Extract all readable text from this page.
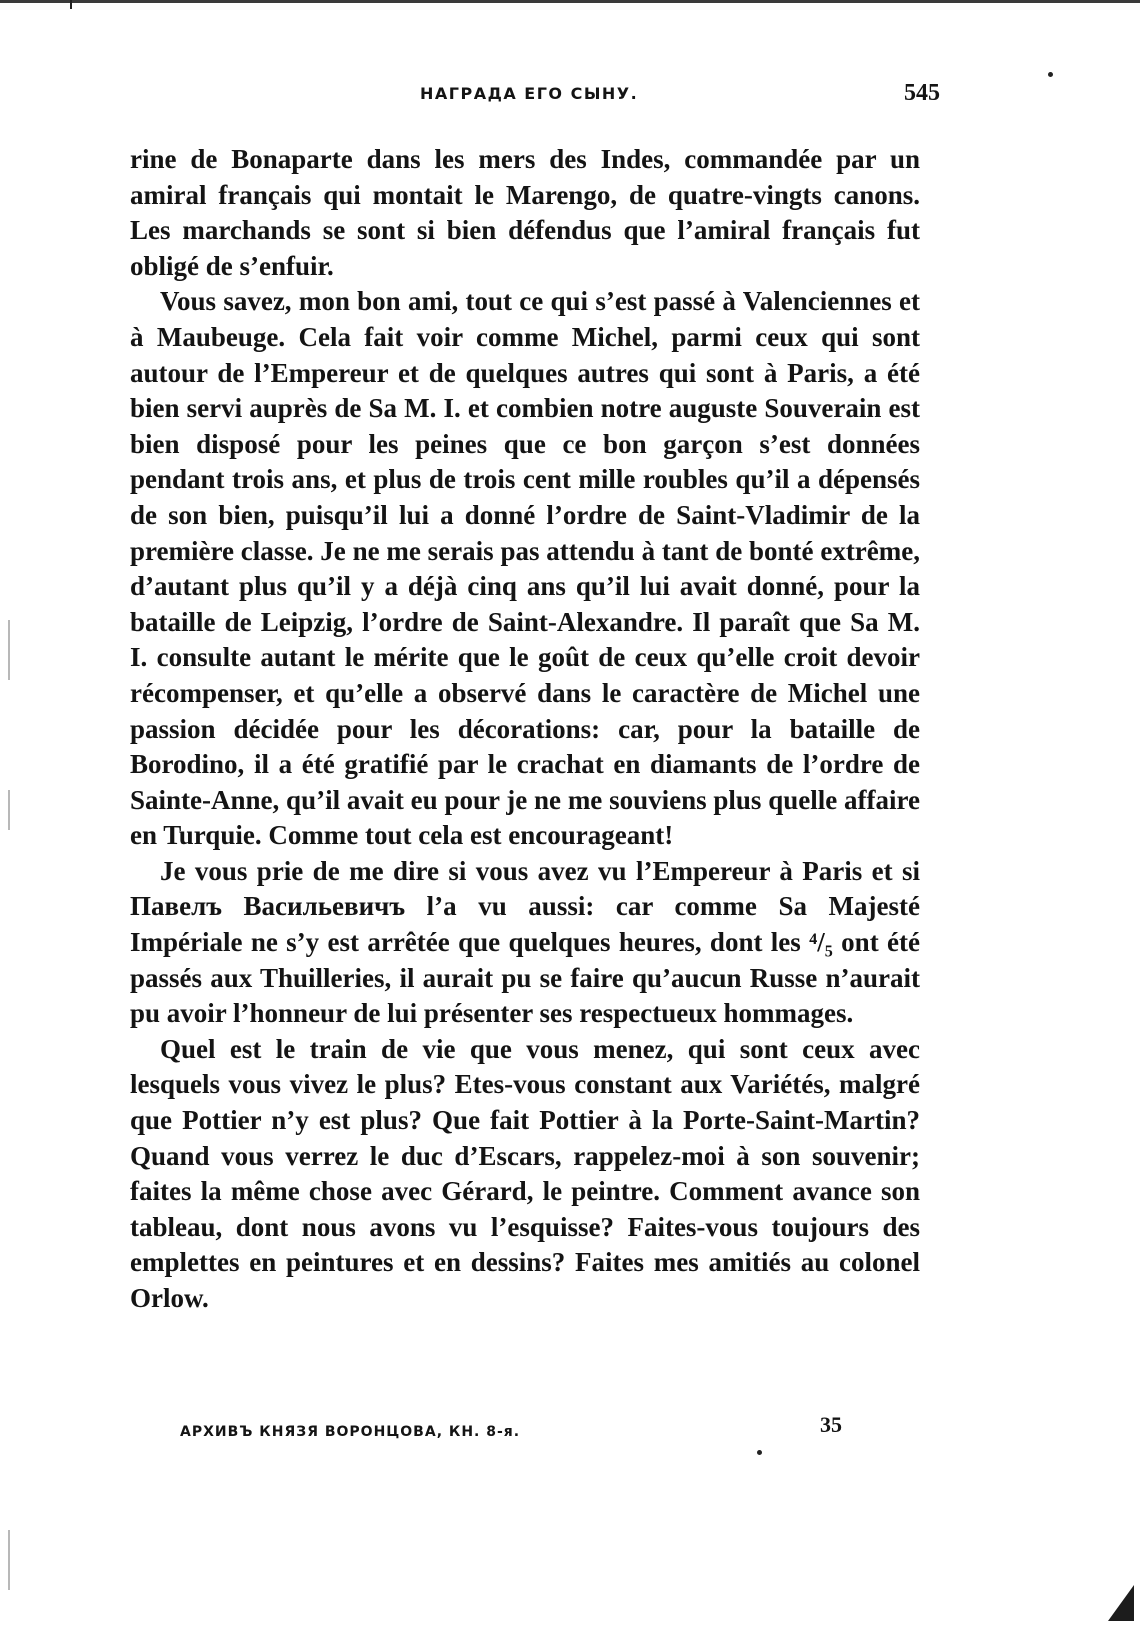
НАГРАДА ЕГО СЫНУ.	545

rine de Bonaparte dans les mers des Indes, commandée par un amiral français qui montait le Marengo, de quatre-vingts canons. Les marchands se sont si bien défendus que l’amiral français fut obligé de s’enfuir.

Vous savez, mon bon ami, tout ce qui s’est passé à Valenciennes et à Maubeuge. Cela fait voir comme Michel, parmi ceux qui sont autour de l’Empereur et de quelques autres qui sont à Paris, a été bien servi auprès de Sa M. I. et combien notre auguste Souverain est bien disposé pour les peines que ce bon garçon s’est données pendant trois ans, et plus de trois cent mille roubles qu’il a dépensés de son bien, puisqu’il lui a donné l’ordre de Saint-Vladimir de la première classe. Je ne me serais pas attendu à tant de bonté extrême, d’autant plus qu’il y a déjà cinq ans qu’il lui avait donné, pour la bataille de Leipzig, l’ordre de Saint-Alexandre. Il paraît que Sa M. I. consulte autant le mérite que le goût de ceux qu’elle croit devoir récompenser, et qu’elle a observé dans le caractère de Michel une passion décidée pour les décorations: car, pour la bataille de Borodino, il a été gratifié par le crachat en diamants de l’ordre de Sainte-Anne, qu’il avait eu pour je ne me souviens plus quelle affaire en Turquie. Comme tout cela est encourageant!

Je vous prie de me dire si vous avez vu l’Empereur à Paris et si Павелъ Васильевичъ l’a vu aussi: car comme Sa Majesté Impériale ne s’y est arrêtée que quelques heures, dont les ⁴/₅ ont été passés aux Thuilleries, il aurait pu se faire qu’aucun Russe n’aurait pu avoir l’honneur de lui présenter ses respectueux hommages.

Quel est le train de vie que vous menez, qui sont ceux avec lesquels vous vivez le plus? Etes-vous constant aux Variétés, malgré que Pottier n’y est plus? Que fait Pottier à la Porte-Saint-Martin? Quand vous verrez le duc d’Escars, rappelez-moi à son souvenir; faites la même chose avec Gérard, le peintre. Comment avance son tableau, dont nous avons vu l’esquisse? Faites-vous toujours des emplettes en peintures et en dessins? Faites mes amitiés au colonel Orlow.

АРХИВЪ КНЯЗЯ ВОРОНЦОВА, КН. 8-я.	35
